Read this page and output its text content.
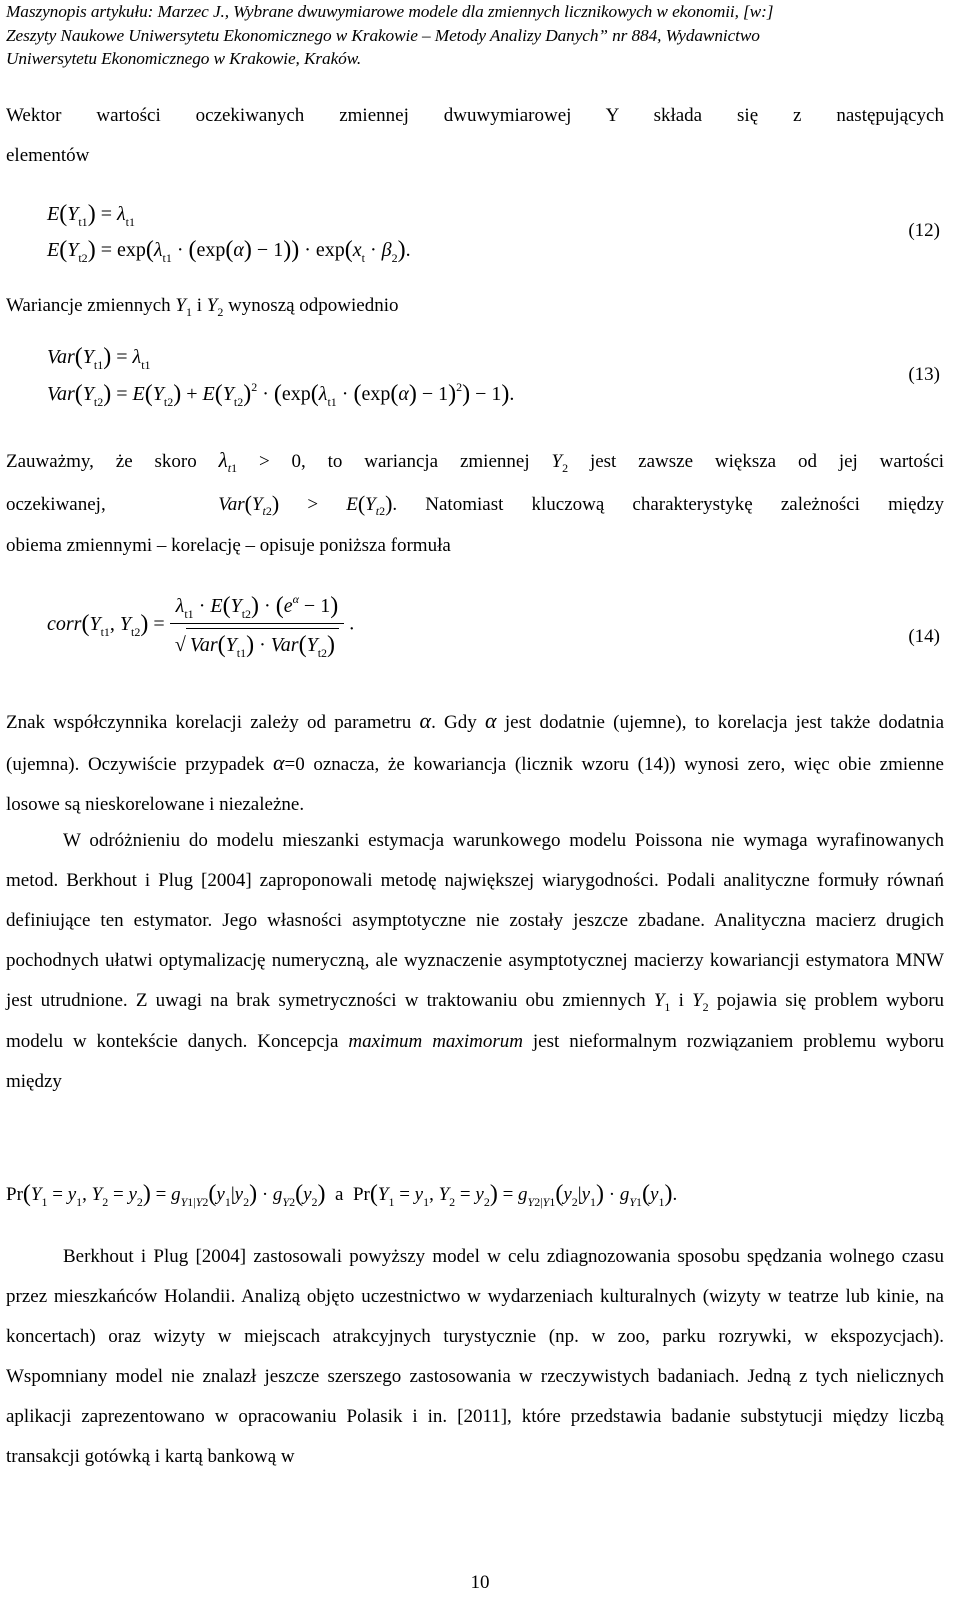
Maszynopis artykułu: Marzec J., Wybrane dwuwymiarowe modele dla zmiennych licznikowych w ekonomii, [w:]
Zeszyty Naukowe Uniwersytetu Ekonomicznego w Krakowie – Metody Analizy Danych” nr 884, Wydawnictwo
Uniwersytetu Ekonomicznego w Krakowie, Kraków.
Wektor wartości oczekiwanych zmiennej dwuwymiarowej Y składa się z następujących
elementów
$E(Y_{t1}) = \lambda_{t1}$
$E(Y_{t2}) = \exp(\lambda_{t1} \cdot (\exp(\alpha) - 1)) \cdot \exp(x_t \cdot \beta_2)$.
(12)
Wariancje zmiennych $Y_1$ i $Y_2$ wynoszą odpowiednio
$Var(Y_{t1}) = \lambda_{t1}$
$Var(Y_{t2}) = E(Y_{t2}) + E(Y_{t2})^2 \cdot (\exp(\lambda_{t1} \cdot (\exp(\alpha) - 1)^2) - 1)$.
(13)
Zauważmy, że skoro $\lambda_{t1} > 0$, to wariancja zmiennej $Y_2$ jest zawsze większa od jej wartości
oczekiwanej,	$Var(Y_{t2}) > E(Y_{t2})$. Natomiast kluczową charakterystykę zależności między
obiema zmiennymi – korelację – opisuje poniższa formuła
$corr(Y_{t1}$, $Y_{t2}) = \frac{\lambda_{t1} \cdot E(Y_{t2}) \cdot (e^\alpha - 1)}{√ Var(Y_{t1}) \cdot Var(Y_{t2})}$ .
(14)
Znak współczynnika korelacji zależy od parametru α. Gdy α jest dodatnie (ujemne), to korelacja jest także dodatnia (ujemna). Oczywiście przypadek α=0 oznacza, że kowariancja (licznik wzoru (14)) wynosi zero, więc obie zmienne losowe są nieskorelowane i niezależne.
W odróżnieniu do modelu mieszanki estymacja warunkowego modelu Poissona nie wymaga wyrafinowanych metod. Berkhout i Plug [2004] zaproponowali metodę największej wiarygodności. Podali analityczne formuły równań definiujące ten estymator. Jego własności asymptotyczne nie zostały jeszcze zbadane. Analityczna macierz drugich pochodnych ułatwi optymalizację numeryczną, ale wyznaczenie asymptotycznej macierzy kowariancji estymatora MNW jest utrudnione. Z uwagi na brak symetryczności w traktowaniu obu zmiennych $Y_1$ i $Y_2$ pojawia się problem wyboru modelu w kontekście danych. Koncepcja maximum maximorum jest nieformalnym rozwiązaniem problemu wyboru między
$Pr(Y_1 = y_1$, $Y_2 = y_2) = g_{Y1|Y2}(y_1|y_2) \cdot g_{Y2}(y_2)$ a  $Pr(Y_1 = y_1$, $Y_2 = y_2) = g_{Y2|Y1}(y_2|y_1) \cdot g_{Y1}(y_1)$.
Berkhout i Plug [2004] zastosowali powyższy model w celu zdiagnozowania sposobu spędzania wolnego czasu przez mieszkańców Holandii. Analizą objęto uczestnictwo w wydarzeniach kulturalnych (wizyty w teatrze lub kinie, na koncertach) oraz wizyty w miejscach atrakcyjnych turystycznie (np. w zoo, parku rozrywki, w ekspozycjach). Wspomniany model nie znalazł jeszcze szerszego zastosowania w rzeczywistych badaniach. Jedną z tych nielicznych aplikacji zaprezentowano w opracowaniu Polasik i in. [2011], które przedstawia badanie substytucji między liczbą transakcji gotówką i kartą bankową w
10
